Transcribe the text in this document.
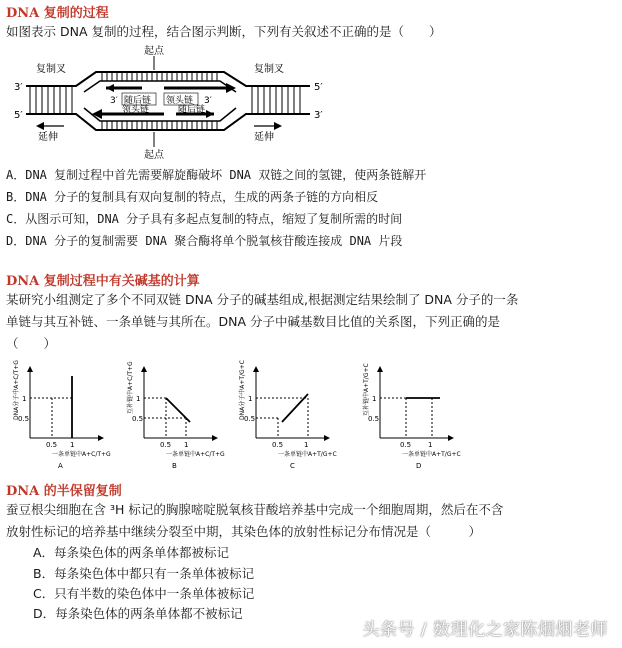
DNA 复制的过程
如图表示 DNA 复制的过程，结合图示判断，下列有关叙述不正确的是（　　）
起点
起点
复制叉	复制叉
3′
5′
5′
3′
随后链 领头链
领头链	随后链
3′	3′
延伸	延伸
A．DNA 复制过程中首先需要解旋酶破坏 DNA 双链之间的氢键，使两条链解开
B．DNA 分子的复制具有双向复制的特点，生成的两条子链的方向相反
C．从图示可知，DNA 分子具有多起点复制的特点，缩短了复制所需的时间
D．DNA 分子的复制需要 DNA 聚合酶将单个脱氧核苷酸连接成 DNA 片段
DNA 复制过程中有关碱基的计算
某研究小组测定了多个不同双链 DNA 分子的碱基组成,根据测定结果绘制了 DNA 分子的一条
单链与其互补链、一条单链与其所在。DNA 分子中碱基数目比值的关系图，下列正确的是
（　　）
DNA分子中A+C/T+G 1
0.5
0.5 1
一条单链中A+C/T+G
A
互补链中A+C/T+G 1
0.5
0.5 1
一条单链中A+C/T+G
B
DNA分子中A+T/G+C 1
0.5
0.5	1
一条单链中A+T/G+C
C
互补链中A+T/G+C 1
0.5
0.5 1
一条单链中A+T/G+C
D
DNA 的半保留复制
蚕豆根尖细胞在含 ³H 标记的胸腺嘧啶脱氧核苷酸培养基中完成一个细胞周期，然后在不含
放射性标记的培养基中继续分裂至中期，其染色体的放射性标记分布情况是（　　　）
A．每条染色体的两条单体都被标记
B．每条染色体中都只有一条单体被标记
C．只有半数的染色体中一条单体被标记
D．每条染色体的两条单体都不被标记
头条号 / 数理化之家陈烟烟老师
